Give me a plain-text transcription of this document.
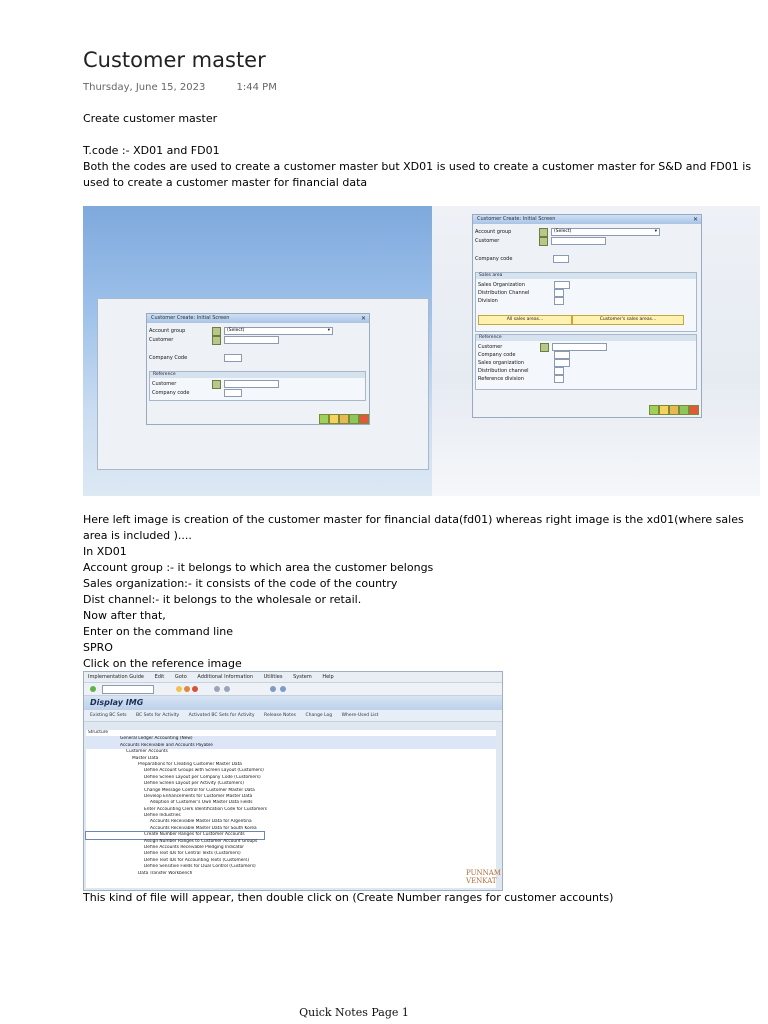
Customer master
Thursday, June 15, 2023	1:44 PM
Create customer master
T.code :- XD01 and FD01
Both the codes are used to create a customer master but XD01 is used to create a customer master for S&D and FD01 is used to create a customer master for financial data
Customer Create: Initial Screen	✕
Account group	(Select)	▾
Customer
Company Code
Reference
Customer
Company code
Customer Create: Initial Screen	✕
Account group	(Select)	▾
Customer
Company code
Sales area
Sales Organization
Distribution Channel
Division
All sales areas...	Customer's sales areas...
Reference
Customer
Company code
Sales organization
Distribution channel
Reference division
Here left image is creation of the customer master for financial data(fd01) whereas right image is the xd01(where sales area is included )....
In XD01
Account group :- it belongs to which area the customer belongs
Sales organization:- it consists of the code of the country
Dist channel:- it belongs to the wholesale or retail.
Now after that,
Enter on the command line
SPRO
Click on the reference image
Implementation Guide Edit Goto Additional Information Utilities System Help
Display IMG
Existing BC Sets BC Sets for Activity Activated BC Sets for Activity Release Notes Change Log Where-Used List
Structure
General Ledger Accounting (New)
Accounts Receivable and Accounts Payable
Customer Accounts
Master Data
Preparations for Creating Customer Master Data
Define Account Groups with Screen Layout (Customers)
Define Screen Layout per Company Code (Customers)
Define Screen Layout per Activity (Customers)
Change Message Control for Customer Master Data
Develop Enhancements for Customer Master Data
Adoption of Customer's Own Master Data Fields
Enter Accounting Clerk Identification Code for Customers
Define Industries
Accounts Receivable Master Data for Argentina
Accounts Receivable Master Data for South Korea
Create Number Ranges for Customer Accounts
Assign Number Ranges to Customer Account Groups
Define Accounts Receivable Pledging Indicator
Define Text IDs for Central Texts (Customers)
Define Text IDs for Accounting Texts (Customers)
Define Sensitive Fields for Dual Control (Customers)
Data Transfer Workbench	PUNNAM VENKAT
This kind of file will appear, then double click on (Create Number ranges for customer accounts)
Quick Notes Page 1
